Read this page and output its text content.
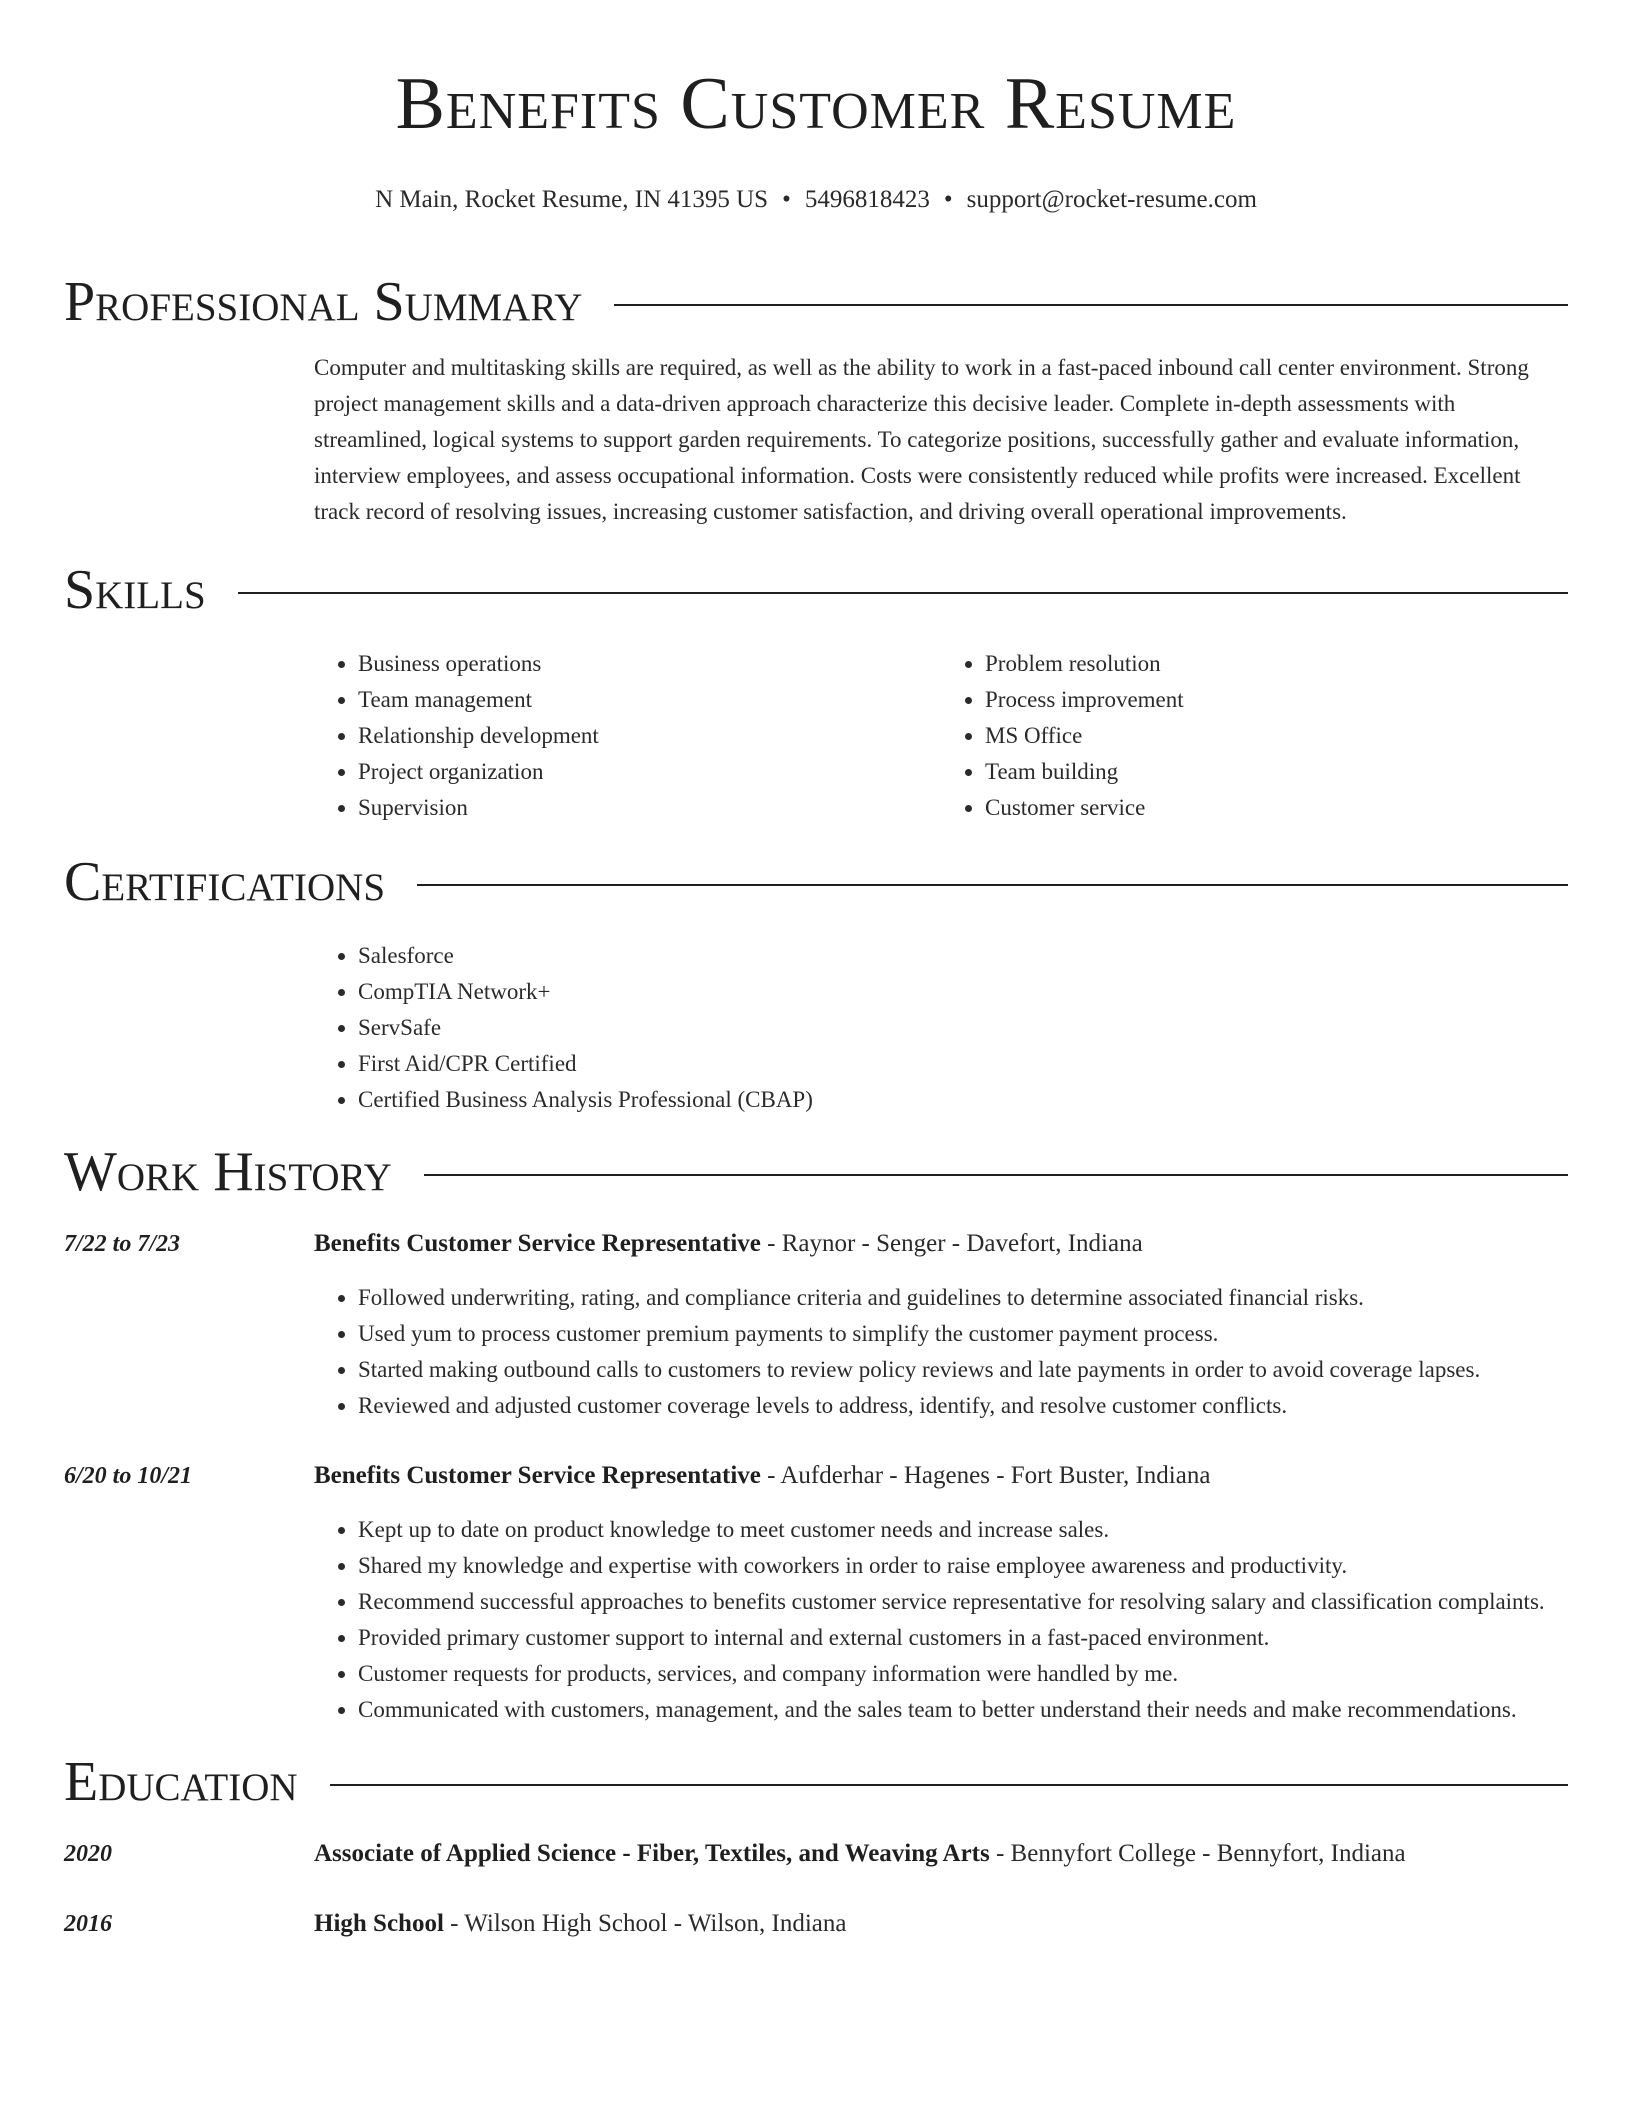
Benefits Customer Resume
N Main, Rocket Resume, IN 41395 US • 5496818423 • support@rocket-resume.com
Professional Summary

Computer and multitasking skills are required, as well as the ability to work in a fast-paced inbound call center environment. Strong project management skills and a data-driven approach characterize this decisive leader. Complete in-depth assessments with streamlined, logical systems to support garden requirements. To categorize positions, successfully gather and evaluate information, interview employees, and assess occupational information. Costs were consistently reduced while profits were increased. Excellent track record of resolving issues, increasing customer satisfaction, and driving overall operational improvements.

Skills
• Business operations
• Team management
• Relationship development
• Project organization
• Supervision
• Problem resolution
• Process improvement
• MS Office
• Team building
• Customer service
Certifications
• Salesforce
• CompTIA Network+
• ServSafe
• First Aid/CPR Certified
• Certified Business Analysis Professional (CBAP)
Work History
7/22 to 7/23	Benefits Customer Service Representative - Raynor - Senger - Davefort, Indiana
• Followed underwriting, rating, and compliance criteria and guidelines to determine associated financial risks.
• Used yum to process customer premium payments to simplify the customer payment process.
• Started making outbound calls to customers to review policy reviews and late payments in order to avoid coverage lapses.
• Reviewed and adjusted customer coverage levels to address, identify, and resolve customer conflicts.
6/20 to 10/21	Benefits Customer Service Representative - Aufderhar - Hagenes - Fort Buster, Indiana
• Kept up to date on product knowledge to meet customer needs and increase sales.
• Shared my knowledge and expertise with coworkers in order to raise employee awareness and productivity.
• Recommend successful approaches to benefits customer service representative for resolving salary and classification complaints.
• Provided primary customer support to internal and external customers in a fast-paced environment.
• Customer requests for products, services, and company information were handled by me.
• Communicated with customers, management, and the sales team to better understand their needs and make recommendations.
Education
2020	Associate of Applied Science - Fiber, Textiles, and Weaving Arts - Bennyfort College - Bennyfort, Indiana
2016	High School - Wilson High School - Wilson, Indiana
